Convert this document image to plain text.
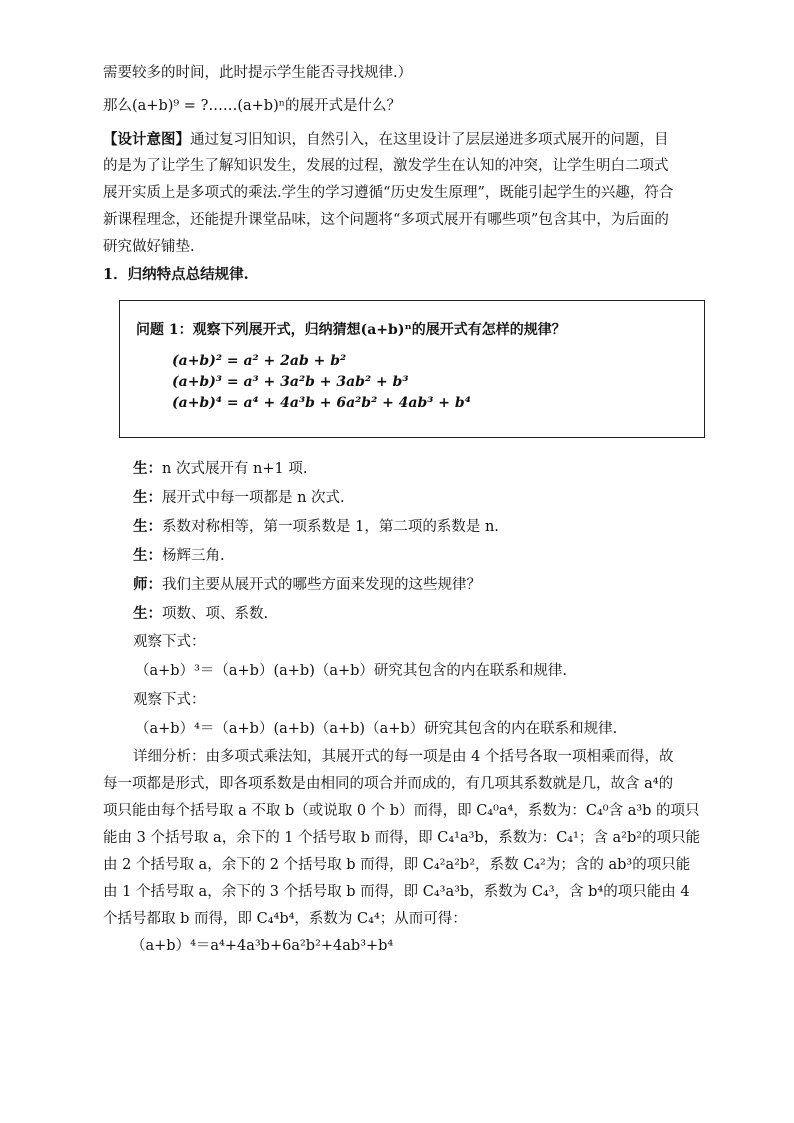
需要较多的时间，此时提示学生能否寻找规律.）
那么(a+b)⁹ = ?……(a+b)ⁿ的展开式是什么？
【设计意图】通过复习旧知识，自然引入，在这里设计了层层递进多项式展开的问题，目
的是为了让学生了解知识发生，发展的过程，激发学生在认知的冲突，让学生明白二项式
展开实质上是多项式的乘法.学生的学习遵循“历史发生原理”，既能引起学生的兴趣，符合
新课程理念，还能提升课堂品味，这个问题将“多项式展开有哪些项”包含其中，为后面的
研究做好铺垫.
1．归纳特点总结规律.
问题 1：观察下列展开式，归纳猜想(a+b)ⁿ的展开式有怎样的规律？
(a+b)² = a² + 2ab + b²
(a+b)³ = a³ + 3a²b + 3ab² + b³
(a+b)⁴ = a⁴ + 4a³b + 6a²b² + 4ab³ + b⁴
生：n 次式展开有 n+1 项.
生：展开式中每一项都是 n 次式.
生：系数对称相等，第一项系数是 1，第二项的系数是 n.
生：杨辉三角.
师：我们主要从展开式的哪些方面来发现的这些规律？
生：项数、项、系数.
观察下式：
（a+b）³＝（a+b）(a+b)（a+b）研究其包含的内在联系和规律.
观察下式：
（a+b）⁴＝（a+b）(a+b)（a+b)（a+b）研究其包含的内在联系和规律.
详细分析：由多项式乘法知，其展开式的每一项是由 4 个括号各取一项相乘而得，故
每一项都是形式，即各项系数是由相同的项合并而成的，有几项其系数就是几，故含 a⁴的
项只能由每个括号取 a 不取 b（或说取 0 个 b）而得，即 C₄⁰a⁴，系数为：C₄⁰含 a³b 的项只
能由 3 个括号取 a，余下的 1 个括号取 b 而得，即 C₄¹a³b，系数为：C₄¹；含 a²b²的项只能
由 2 个括号取 a，余下的 2 个括号取 b 而得，即 C₄²a²b²，系数 C₄²为；含的 ab³的项只能
由 1 个括号取 a，余下的 3 个括号取 b 而得，即 C₄³a³b，系数为 C₄³，含 b⁴的项只能由 4
个括号都取 b 而得，即 C₄⁴b⁴，系数为 C₄⁴；从而可得：
（a+b）⁴＝a⁴+4a³b+6a²b²+4ab³+b⁴
